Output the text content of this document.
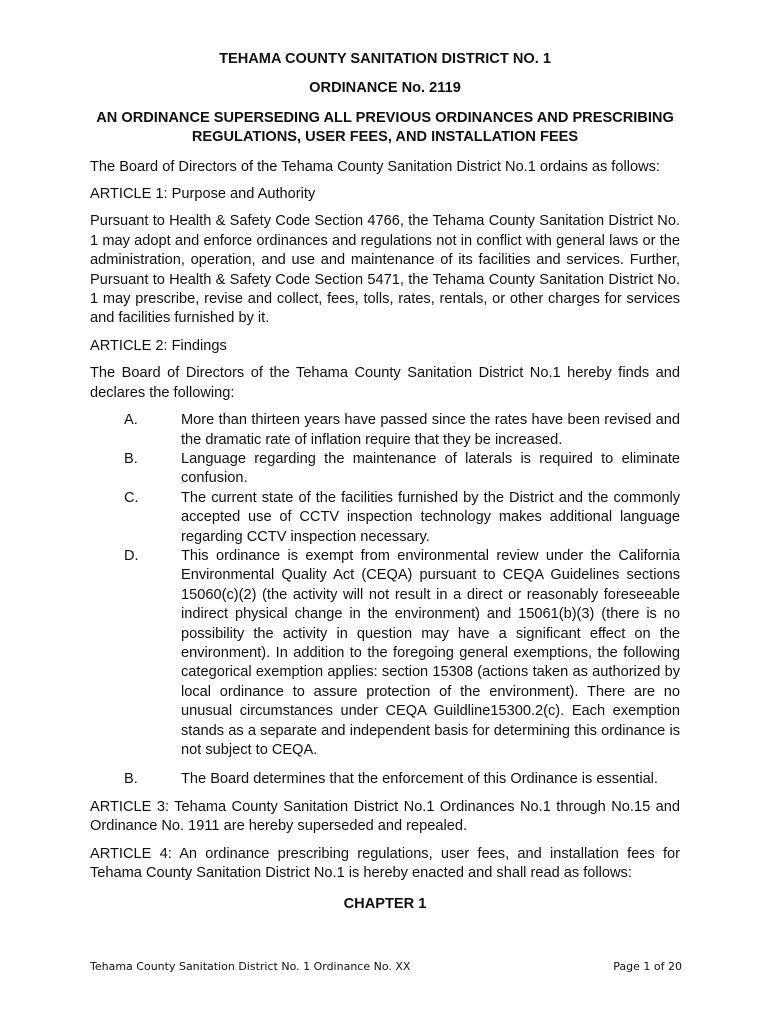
TEHAMA COUNTY SANITATION DISTRICT NO. 1

ORDINANCE No. 2119

AN ORDINANCE SUPERSEDING ALL PREVIOUS ORDINANCES AND PRESCRIBING REGULATIONS, USER FEES, AND INSTALLATION FEES

The Board of Directors of the Tehama County Sanitation District No.1 ordains as follows:

ARTICLE 1: Purpose and Authority

Pursuant to Health & Safety Code Section 4766, the Tehama County Sanitation District No. 1 may adopt and enforce ordinances and regulations not in conflict with general laws or the administration, operation, and use and maintenance of its facilities and services. Further, Pursuant to Health & Safety Code Section 5471, the Tehama County Sanitation District No. 1 may prescribe, revise and collect, fees, tolls, rates, rentals, or other charges for services and facilities furnished by it.

ARTICLE 2: Findings

The Board of Directors of the Tehama County Sanitation District No.1 hereby finds and declares the following:

A.	More than thirteen years have passed since the rates have been revised and the dramatic rate of inflation require that they be increased.
B.	Language regarding the maintenance of laterals is required to eliminate confusion.
C.	The current state of the facilities furnished by the District and the commonly accepted use of CCTV inspection technology makes additional language regarding CCTV inspection necessary.
D.	This ordinance is exempt from environmental review under the California Environmental Quality Act (CEQA) pursuant to CEQA Guidelines sections 15060(c)(2) (the activity will not result in a direct or reasonably foreseeable indirect physical change in the environment) and 15061(b)(3) (there is no possibility the activity in question may have a significant effect on the environment). In addition to the foregoing general exemptions, the following categorical exemption applies: section 15308 (actions taken as authorized by local ordinance to assure protection of the environment). There are no unusual circumstances under CEQA Guildline15300.2(c). Each exemption stands as a separate and independent basis for determining this ordinance is not subject to CEQA.
B.	The Board determines that the enforcement of this Ordinance is essential.

ARTICLE 3: Tehama County Sanitation District No.1 Ordinances No.1 through No.15 and Ordinance No. 1911 are hereby superseded and repealed.

ARTICLE 4: An ordinance prescribing regulations, user fees, and installation fees for Tehama County Sanitation District No.1 is hereby enacted and shall read as follows:

CHAPTER 1

Tehama County Sanitation District No. 1 Ordinance No. XX	Page 1 of 20
